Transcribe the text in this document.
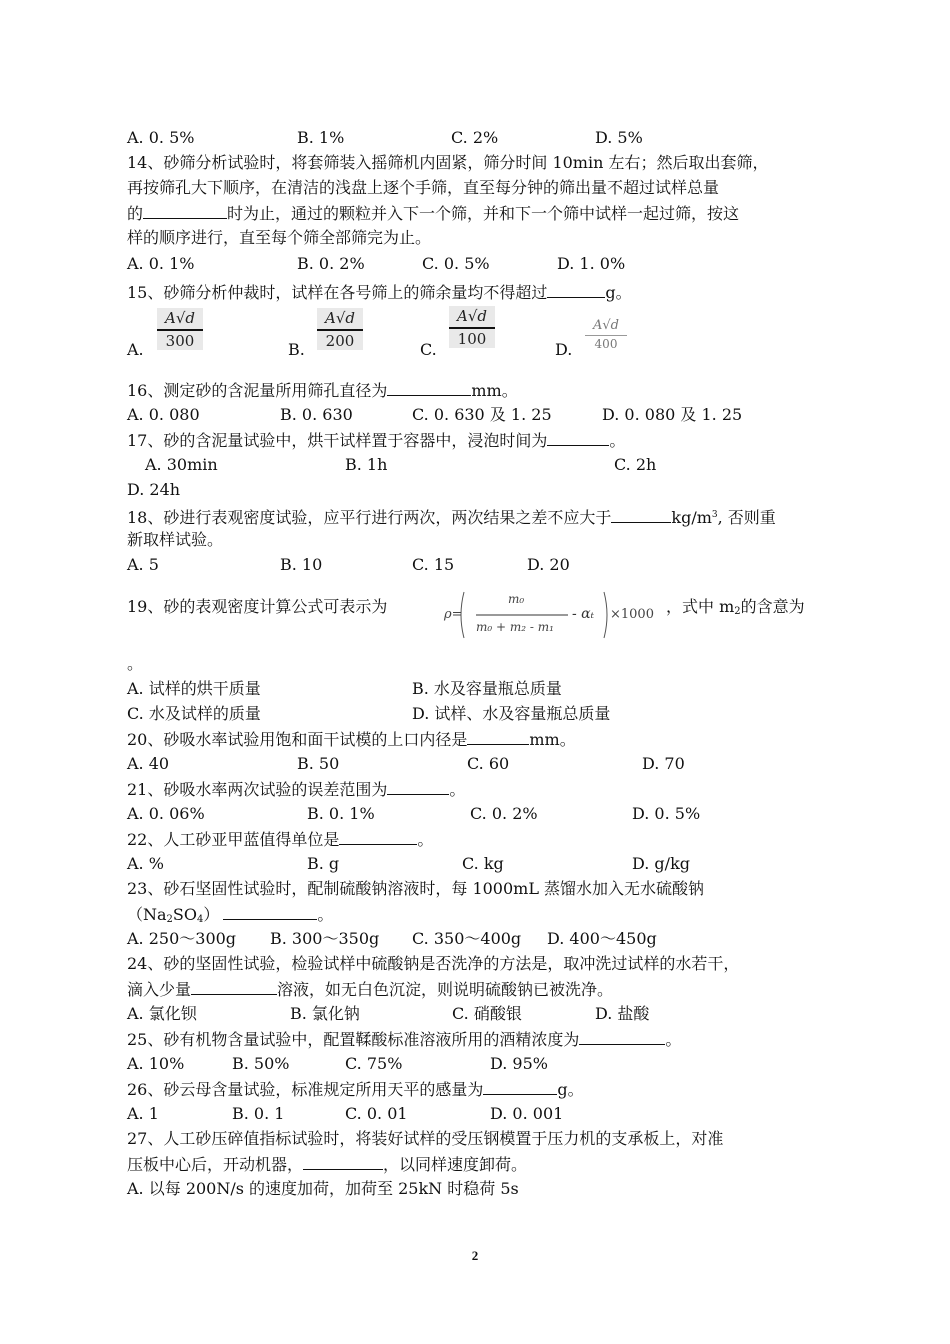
A. 0. 5%	B. 1%	C. 2%	D. 5%
14、砂筛分析试验时，将套筛装入摇筛机内固紧，筛分时间 10min 左右；然后取出套筛，
再按筛孔大下顺序，在清洁的浅盘上逐个手筛，直至每分钟的筛出量不超过试样总量
的	时为止，通过的颗粒并入下一个筛，并和下一个筛中试样一起过筛，按这
样的顺序进行，直至每个筛全部筛完为止。
A. 0. 1%	B. 0. 2%	C. 0. 5%	D. 1. 0%
15、砂筛分析仲裁时，试样在各号筛上的筛余量均不得超过	g。
A.
A√d
300	B.
A√d
200	C.
A√d
100
D.
A√d
400
16、测定砂的含泥量所用筛孔直径为	mm。
A. 0. 080	B. 0. 630	C. 0. 630 及 1. 25	D. 0. 080 及 1. 25
17、砂的含泥量试验中，烘干试样置于容器中，浸泡时间为	。
A. 30min	B. 1h	C. 2h
D. 24h
18、砂进行表观密度试验，应平行进行两次，两次结果之差不应大于	$kg/m^3$, 否则重
新取样试验。
A. 5	B. 10	C. 15	D. 20
19、砂的表观密度计算公式可表示为	ρ=
m₀
m₀ + m₂ - m₁
- αₜ ×1000 ，式中 $m_2$的含意为
。
A. 试样的烘干质量	B. 水及容量瓶总质量
C. 水及试样的质量	D. 试样、水及容量瓶总质量
20、砂吸水率试验用饱和面干试模的上口内径是	mm。
A. 40	B. 50	C. 60	D. 70
21、砂吸水率两次试验的误差范围为	。
A. 0. 06%	B. 0. 1%	C. 0. 2%	D. 0. 5%
22、人工砂亚甲蓝值得单位是	。
A. %	B. g	C. kg	D. g/kg
23、砂石坚固性试验时，配制硫酸钠溶液时，每 1000mL 蒸馏水加入无水硫酸钠
$(Na_2SO_4)$	。
A. 250～300g B. 300～350g C. 350～400g D. 400～450g
24、砂的坚固性试验，检验试样中硫酸钠是否洗净的方法是，取冲洗过试样的水若干，
滴入少量	溶液，如无白色沉淀，则说明硫酸钠已被洗净。
A. 氯化钡	B. 氯化钠	C. 硝酸银	D. 盐酸
25、砂有机物含量试验中，配置鞣酸标准溶液所用的酒精浓度为	。
A. 10%	B. 50%	C. 75%	D. 95%
26、砂云母含量试验，标准规定所用天平的感量为	g。
A. 1	B. 0. 1	C. 0. 01	D. 0. 001
27、人工砂压碎值指标试验时，将装好试样的受压钢模置于压力机的支承板上，对准
压板中心后，开动机器，	，以同样速度卸荷。
A. 以每 200N/s 的速度加荷，加荷至 25kN 时稳荷 5s
2
